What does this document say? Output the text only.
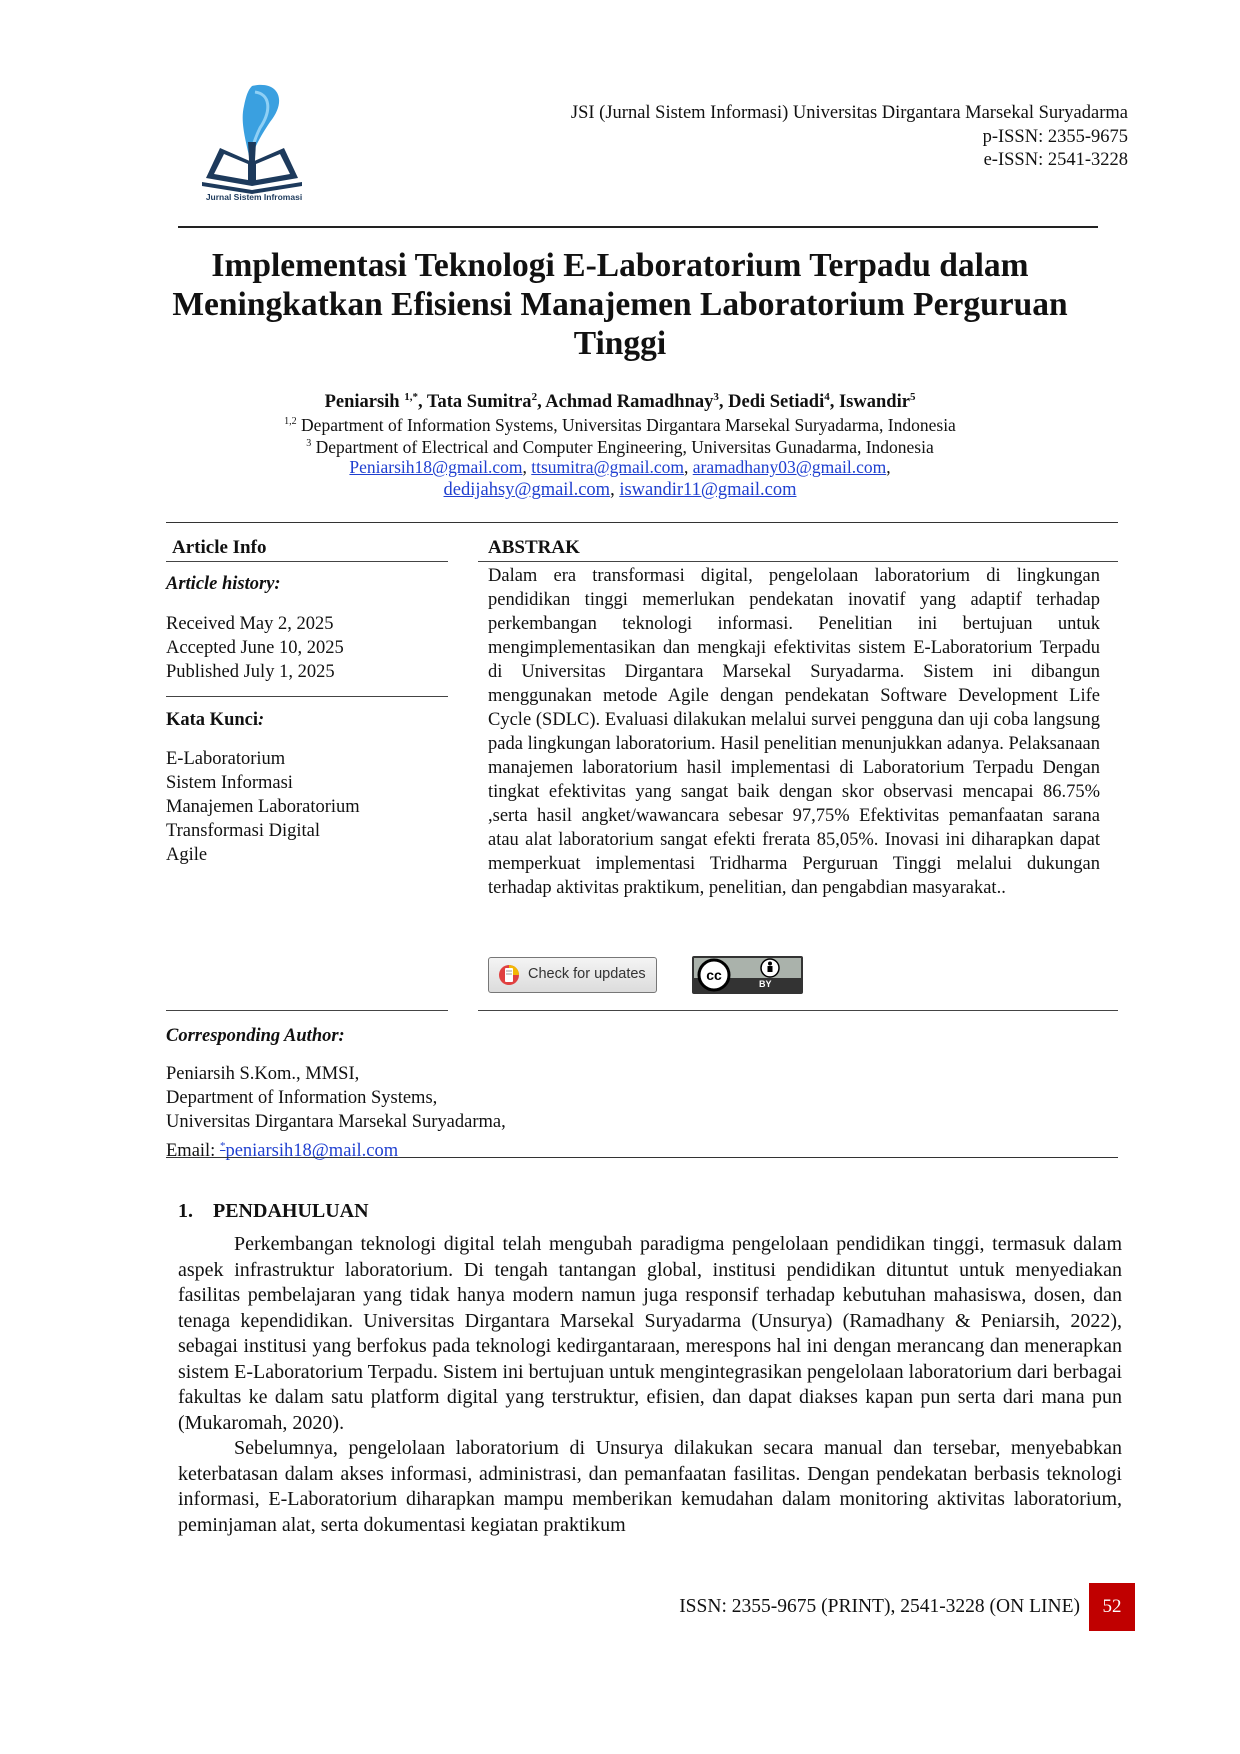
Jurnal Sistem Infromasi
JSI (Jurnal Sistem Informasi) Universitas Dirgantara Marsekal Suryadarma
p-ISSN: 2355-9675
e-ISSN: 2541-3228
Implementasi Teknologi E-Laboratorium Terpadu dalam
Meningkatkan Efisiensi Manajemen Laboratorium Perguruan
Tinggi
Peniarsih $^{1,*}$, Tata Sumitra$^2$, Achmad Ramadhnay$^3$, Dedi Setiadi$^4$, Iswandir$^5$
$^{1,2}$ Department of Information Systems, Universitas Dirgantara Marsekal Suryadarma, Indonesia
$^3$ Department of Electrical and Computer Engineering, Universitas Gunadarma, Indonesia
Peniarsih18@gmail.com, ttsumitra@gmail.com, aramadhany03@gmail.com,
dedijahsy@gmail.com, iswandir11@gmail.com
Article Info
Article history:
Received May 2, 2025
Accepted June 10, 2025
Published July 1, 2025
Kata Kunci:
E-Laboratorium
Sistem Informasi
Manajemen Laboratorium
Transformasi Digital
Agile
ABSTRAK
Dalam era transformasi digital, pengelolaan laboratorium di lingkungan pendidikan tinggi memerlukan pendekatan inovatif yang adaptif terhadap perkembangan teknologi informasi. Penelitian ini bertujuan untuk mengimplementasikan dan mengkaji efektivitas sistem E-Laboratorium Terpadu di Universitas Dirgantara Marsekal Suryadarma. Sistem ini dibangun menggunakan metode Agile dengan pendekatan Software Development Life Cycle (SDLC). Evaluasi dilakukan melalui survei pengguna dan uji coba langsung pada lingkungan laboratorium. Hasil penelitian menunjukkan adanya. Pelaksanaan manajemen laboratorium hasil implementasi di Laboratorium Terpadu Dengan tingkat efektivitas yang sangat baik dengan skor observasi mencapai 86.75% ,serta hasil angket/wawancara sebesar 97,75% Efektivitas pemanfaatan sarana atau alat laboratorium sangat efekti frerata 85,05%. Inovasi ini diharapkan dapat memperkuat implementasi Tridharma Perguruan Tinggi melalui dukungan terhadap aktivitas praktikum, penelitian, dan pengabdian masyarakat..
Check for updates	cc
BY
Corresponding Author:
Peniarsih S.Kom., MMSI,
Department of Information Systems,
Universitas Dirgantara Marsekal Suryadarma,
Email: *peniarsih18@mail.com
1.    PENDAHULUAN

Perkembangan teknologi digital telah mengubah paradigma pengelolaan pendidikan tinggi, termasuk dalam aspek infrastruktur laboratorium. Di tengah tantangan global, institusi pendidikan dituntut untuk menyediakan fasilitas pembelajaran yang tidak hanya modern namun juga responsif terhadap kebutuhan mahasiswa, dosen, dan tenaga kependidikan. Universitas Dirgantara Marsekal Suryadarma (Unsurya) (Ramadhany & Peniarsih, 2022), sebagai institusi yang berfokus pada teknologi kedirgantaraan, merespons hal ini dengan merancang dan menerapkan sistem E-Laboratorium Terpadu. Sistem ini bertujuan untuk mengintegrasikan pengelolaan laboratorium dari berbagai fakultas ke dalam satu platform digital yang terstruktur, efisien, dan dapat diakses kapan pun serta dari mana pun (Mukaromah, 2020).

Sebelumnya, pengelolaan laboratorium di Unsurya dilakukan secara manual dan tersebar, menyebabkan keterbatasan dalam akses informasi, administrasi, dan pemanfaatan fasilitas. Dengan pendekatan berbasis teknologi informasi, E-Laboratorium diharapkan mampu memberikan kemudahan dalam monitoring aktivitas laboratorium, peminjaman alat, serta dokumentasi kegiatan praktikum

ISSN: 2355-9675 (PRINT), 2541-3228 (ON LINE)	52
